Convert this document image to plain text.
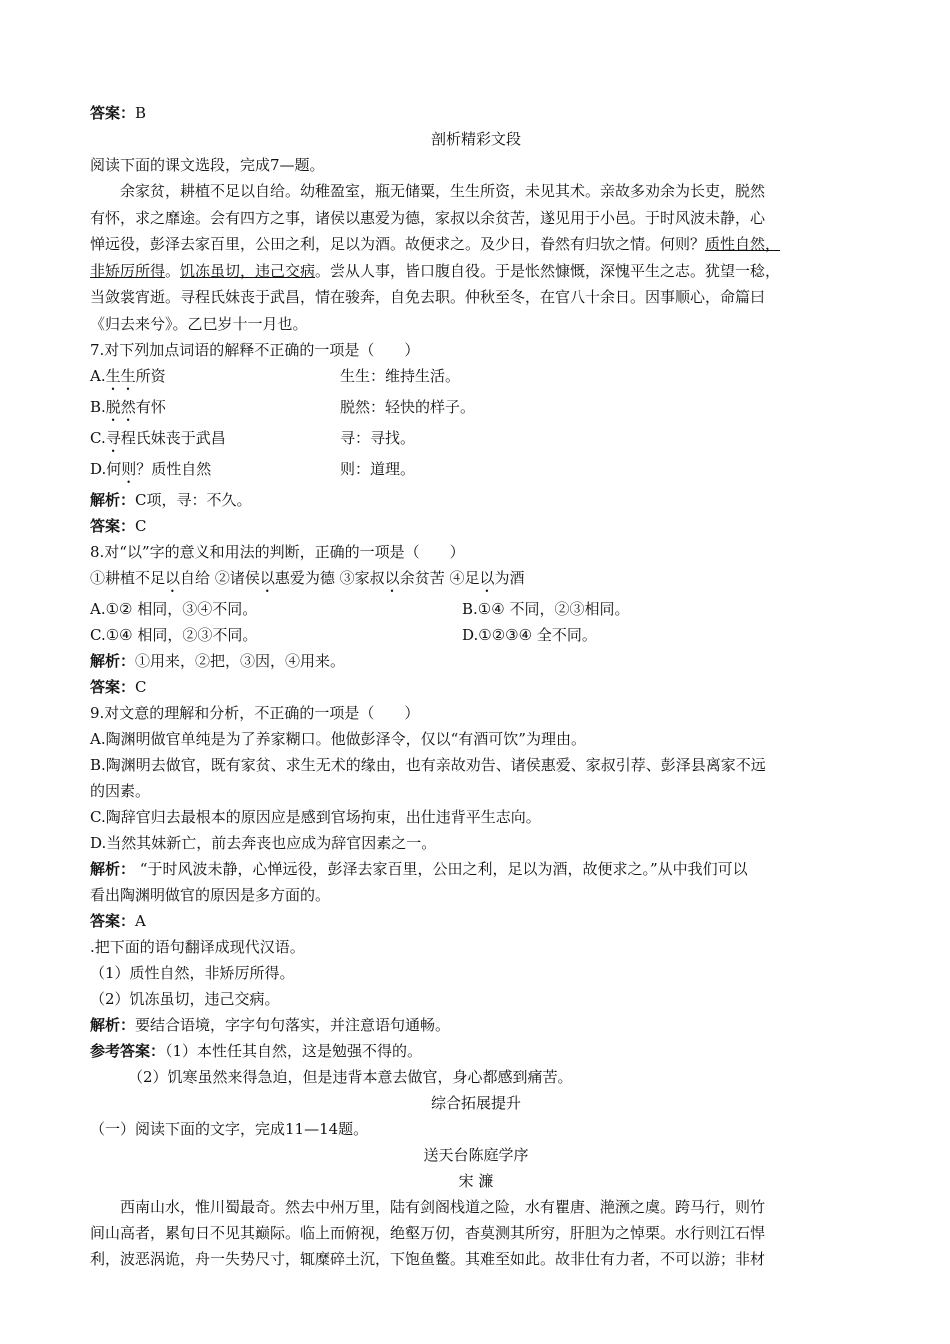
答案：B
剖析精彩文段
阅读下面的课文选段，完成7—题。
余家贫，耕植不足以自给。幼稚盈室，瓶无储粟，生生所资，未见其术。亲故多劝余为长吏，脱然
有怀，求之靡途。会有四方之事，诸侯以惠爱为德，家叔以余贫苦，遂见用于小邑。于时风波未静，心
惮远役，彭泽去家百里，公田之利，足以为酒。故便求之。及少日，眷然有归欤之情。何则？质性自然，
非矫厉所得。饥冻虽切，违己交病。尝从人事，皆口腹自役。于是怅然慷慨，深愧平生之志。犹望一稔，
当敛裳宵逝。寻程氏妹丧于武昌，情在骏奔，自免去职。仲秋至冬，在官八十余日。因事顺心，命篇曰
《归去来兮》。乙巳岁十一月也。
7.对下列加点词语的解释不正确的一项是（　　）
A.生生所资	生生：维持生活。
B.脱然有怀	脱然：轻快的样子。
C.寻程氏妹丧于武昌	寻：寻找。
D.何则？质性自然	则：道理。
解析：C项，寻：不久。
答案：C
8.对“以”字的意义和用法的判断，正确的一项是（　　）
①耕植不足以自给 ②诸侯以惠爱为德 ③家叔以余贫苦 ④足以为酒
A.①② 相同，③④不同。	B.①④ 不同，②③相同。
C.①④ 相同，②③不同。	D.①②③④ 全不同。
解析：①用来，②把，③因，④用来。
答案：C
9.对文意的理解和分析，不正确的一项是（　　）
A.陶渊明做官单纯是为了养家糊口。他做彭泽令，仅以“有酒可饮”为理由。
B.陶渊明去做官，既有家贫、求生无术的缘由，也有亲故劝告、诸侯惠爱、家叔引荐、彭泽县离家不远
的因素。
C.陶辞官归去最根本的原因应是感到官场拘束，出仕违背平生志向。
D.当然其妹新亡，前去奔丧也应成为辞官因素之一。
解析： “于时风波未静，心惮远役，彭泽去家百里，公田之利，足以为酒，故便求之。”从中我们可以
看出陶渊明做官的原因是多方面的。
答案：A
.把下面的语句翻译成现代汉语。
（1）质性自然，非矫厉所得。
（2）饥冻虽切，违己交病。
解析：要结合语境，字字句句落实，并注意语句通畅。
参考答案：（1）本性任其自然，这是勉强不得的。
（2）饥寒虽然来得急迫，但是违背本意去做官，身心都感到痛苦。
综合拓展提升
（一）阅读下面的文字，完成11—14题。
送天台陈庭学序
宋 濂
西南山水，惟川蜀最奇。然去中州万里，陆有剑阁栈道之险，水有瞿唐、滟滪之虞。跨马行，则竹
间山高者，累旬日不见其巅际。临上而俯视，绝壑万仞，杳莫测其所穷，肝胆为之悼栗。水行则江石悍
利，波恶涡诡，舟一失势尺寸，辄糜碎土沉，下饱鱼鳖。其难至如此。故非仕有力者，不可以游；非材
